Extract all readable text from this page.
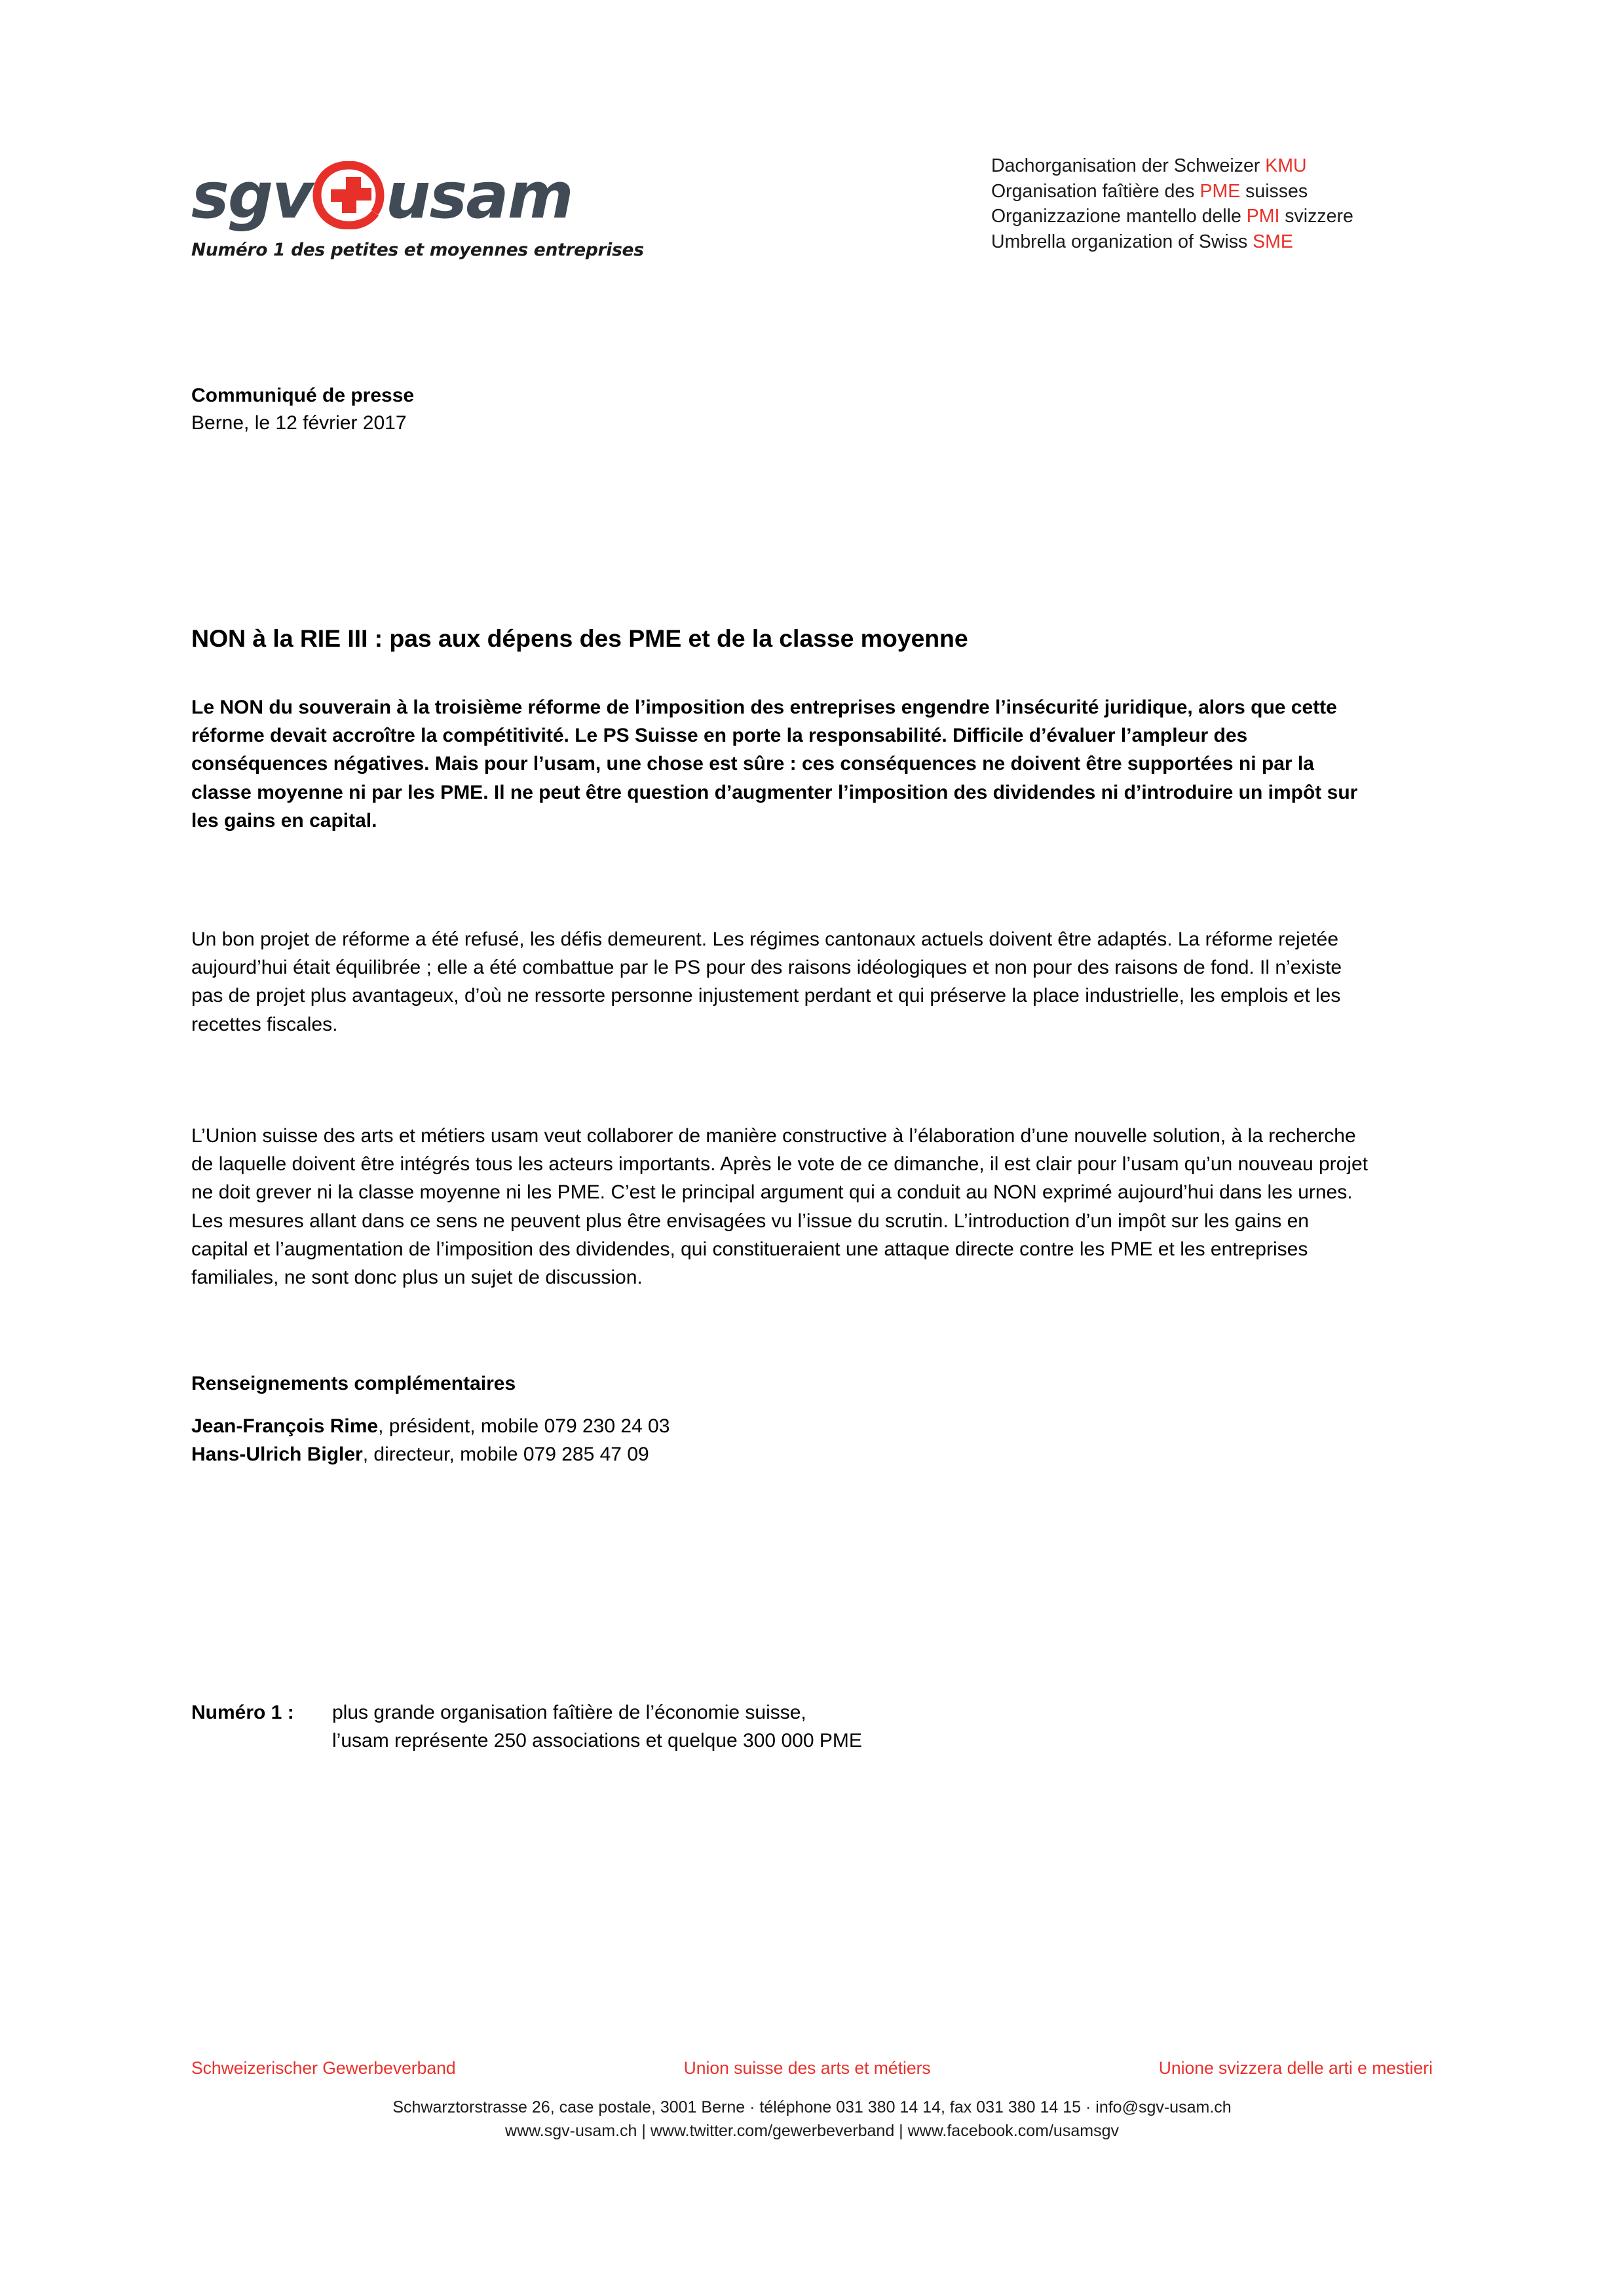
sgv usam
Numéro 1 des petites et moyennes entreprises
Dachorganisation der Schweizer KMU
Organisation faîtière des PME suisses
Organizzazione mantello delle PMI svizzere
Umbrella organization of Swiss SME
Communiqué de presse
Berne, le 12 février 2017
NON à la RIE III : pas aux dépens des PME et de la classe moyenne

Le NON du souverain à la troisième réforme de l’imposition des entreprises engendre l’insécurité juridique, alors que cette réforme devait accroître la compétitivité. Le PS Suisse en porte la responsabilité. Difficile d’évaluer l’ampleur des conséquences négatives. Mais pour l’usam, une chose est sûre : ces conséquences ne doivent être supportées ni par la classe moyenne ni par les PME. Il ne peut être question d’augmenter l’imposition des dividendes ni d’introduire un impôt sur les gains en capital.

Un bon projet de réforme a été refusé, les défis demeurent. Les régimes cantonaux actuels doivent être adaptés. La réforme rejetée aujourd’hui était équilibrée ; elle a été combattue par le PS pour des raisons idéologiques et non pour des raisons de fond. Il n’existe pas de projet plus avantageux, d’où ne ressorte personne injustement perdant et qui préserve la place industrielle, les emplois et les recettes fiscales.

L’Union suisse des arts et métiers usam veut collaborer de manière constructive à l’élaboration d’une nouvelle solution, à la recherche de laquelle doivent être intégrés tous les acteurs importants. Après le vote de ce dimanche, il est clair pour l’usam qu’un nouveau projet ne doit grever ni la classe moyenne ni les PME. C’est le principal argument qui a conduit au NON exprimé aujourd’hui dans les urnes. Les mesures allant dans ce sens ne peuvent plus être envisagées vu l’issue du scrutin. L’introduction d’un impôt sur les gains en capital et l’augmentation de l’imposition des dividendes, qui constitueraient une attaque directe contre les PME et les entreprises familiales, ne sont donc plus un sujet de discussion.

Renseignements complémentaires
Jean-François Rime, président, mobile 079 230 24 03
Hans-Ulrich Bigler, directeur, mobile 079 285 47 09
Numéro 1 :	plus grande organisation faîtière de l’économie suisse,
l’usam représente 250 associations et quelque 300 000 PME
Schweizerischer Gewerbeverband	Union suisse des arts et métiers	Unione svizzera delle arti e mestieri
Schwarztorstrasse 26, case postale, 3001 Berne · téléphone 031 380 14 14, fax 031 380 14 15 · info@sgv-usam.ch
www.sgv-usam.ch | www.twitter.com/gewerbeverband | www.facebook.com/usamsgv
